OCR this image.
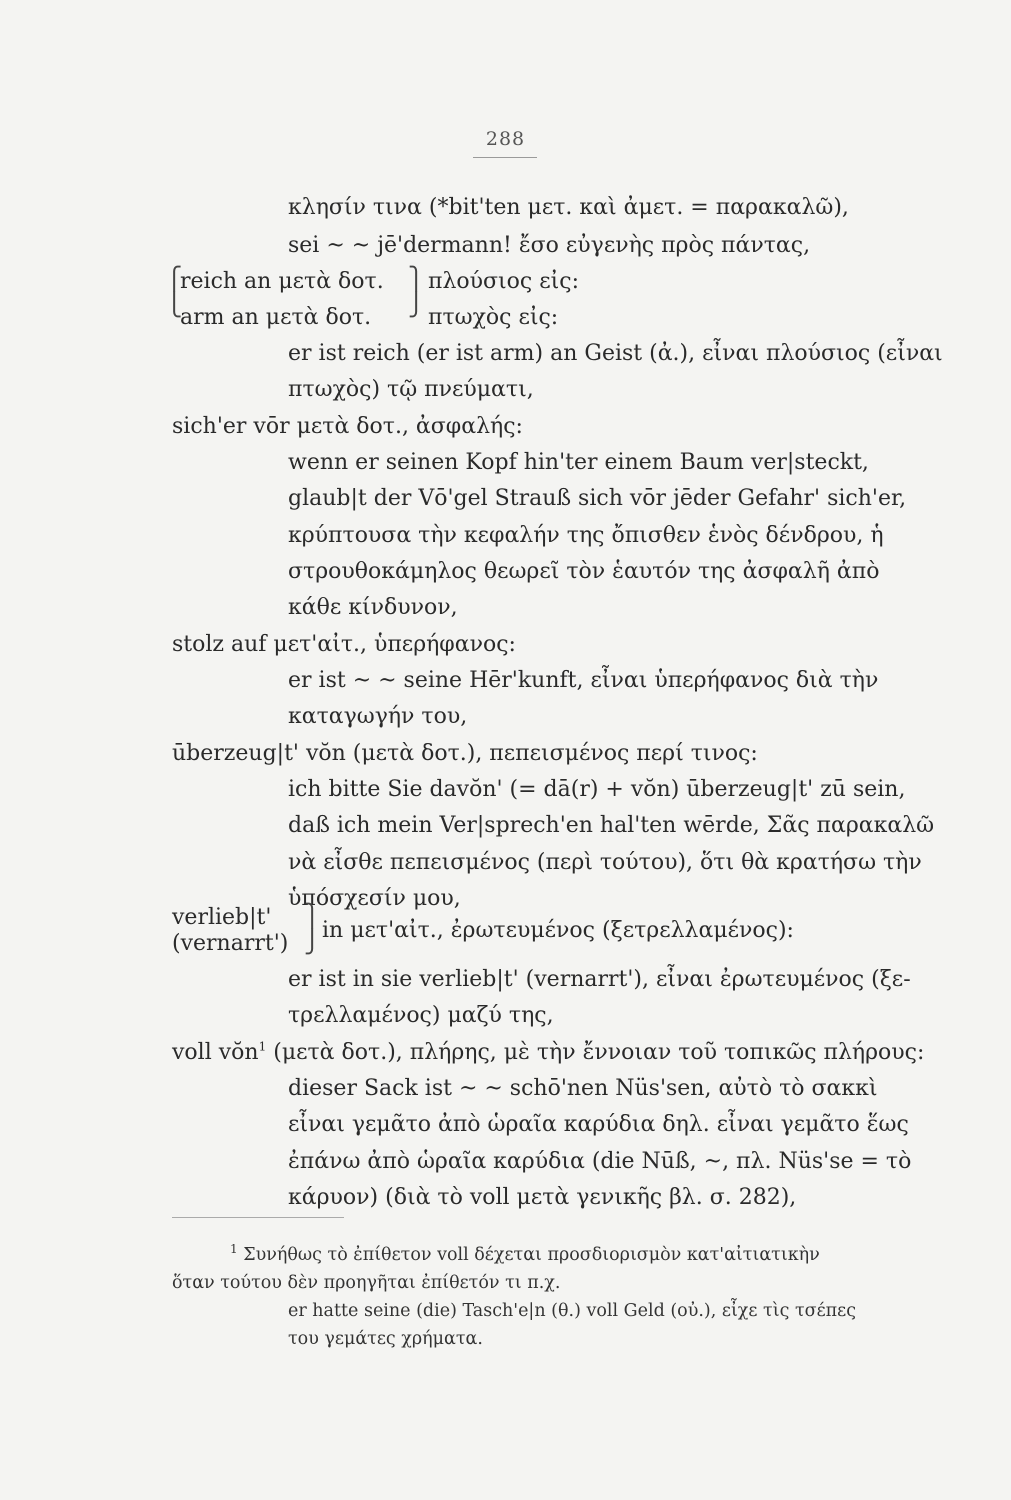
288
κλησίν τινα (*bit'ten μετ. καὶ ἀμετ. = παρακαλῶ),
sei ~ ~ jē'dermann! ἔσο εὐγενὴς πρὸς πάντας,
⎧
⎩
reich an μετὰ δοτ. ⎫
⎭
πλούσιος εἰς:
arm an μετὰ δοτ.	πτωχὸς εἰς:
er ist reich (er ist arm) an Geist (ἀ.), εἶναι πλούσιος (εἶναι
πτωχὸς) τῷ πνεύματι,
sich'er vōr μετὰ δοτ., ἀσφαλής:
wenn er seinen Kopf hin'ter einem Baum ver|steckt,
glaub|t der Vō'gel Strauß sich vōr jēder Gefahr' sich'er,
κρύπτουσα τὴν κεφαλήν της ὄπισθεν ἑνὸς δένδρου, ἡ
στρουθοκάμηλος θεωρεῖ τὸν ἑαυτόν της ἀσφαλῆ ἀπὸ
κάθε κίνδυνον,
stolz auf μετ'αἰτ., ὑπερήφανος:
er ist ~ ~ seine Hēr'kunft, εἶναι ὑπερήφανος διὰ τὴν
καταγωγήν του,
ūberzeug|t' vŏn (μετὰ δοτ.), πεπεισμένος περί τινος:
ich bitte Sie davŏn' (= dā(r) + vŏn) ūberzeug|t' zū sein,
daß ich mein Ver|sprech'en hal'ten wērde, Σᾶς παρακαλῶ
νὰ εἶσθε πεπεισμένος (περὶ τούτου), ὅτι θὰ κρατήσω τὴν
ὑπόσχεσίν μου,
verlieb|t'
(vernarrt')
⎫
⎭ in μετ'αἰτ., ἐρωτευμένος (ξετρελλαμένος):
er ist in sie verlieb|t' (vernarrt'), εἶναι ἐρωτευμένος (ξε-
τρελλαμένος) μαζύ της,
voll vŏn$^1$ (μετὰ δοτ.), πλήρης, μὲ τὴν ἔννοιαν τοῦ τοπικῶς πλήρους:
dieser Sack ist ~ ~ schō'nen Nüs'sen, αὐτὸ τὸ σακκὶ
εἶναι γεμᾶτο ἀπὸ ὡραῖα καρύδια δηλ. εἶναι γεμᾶτο ἕως
ἐπάνω ἀπὸ ὡραῖα καρύδια (die Nūß, ~, πλ. Nüs'se = τὸ
κάρυον) (διὰ τὸ voll μετὰ γενικῆς βλ. σ. 282),
$^1$ Συνήθως τὸ ἐπίθετον voll δέχεται προσδιορισμὸν κατ'αἰτιατικὴν
ὅταν τούτου δὲν προηγῆται ἐπίθετόν τι π.χ.
er hatte seine (die) Tasch'e|n (θ.) voll Geld (οὐ.), εἶχε τὶς τσέπες
του γεμάτες χρήματα.
